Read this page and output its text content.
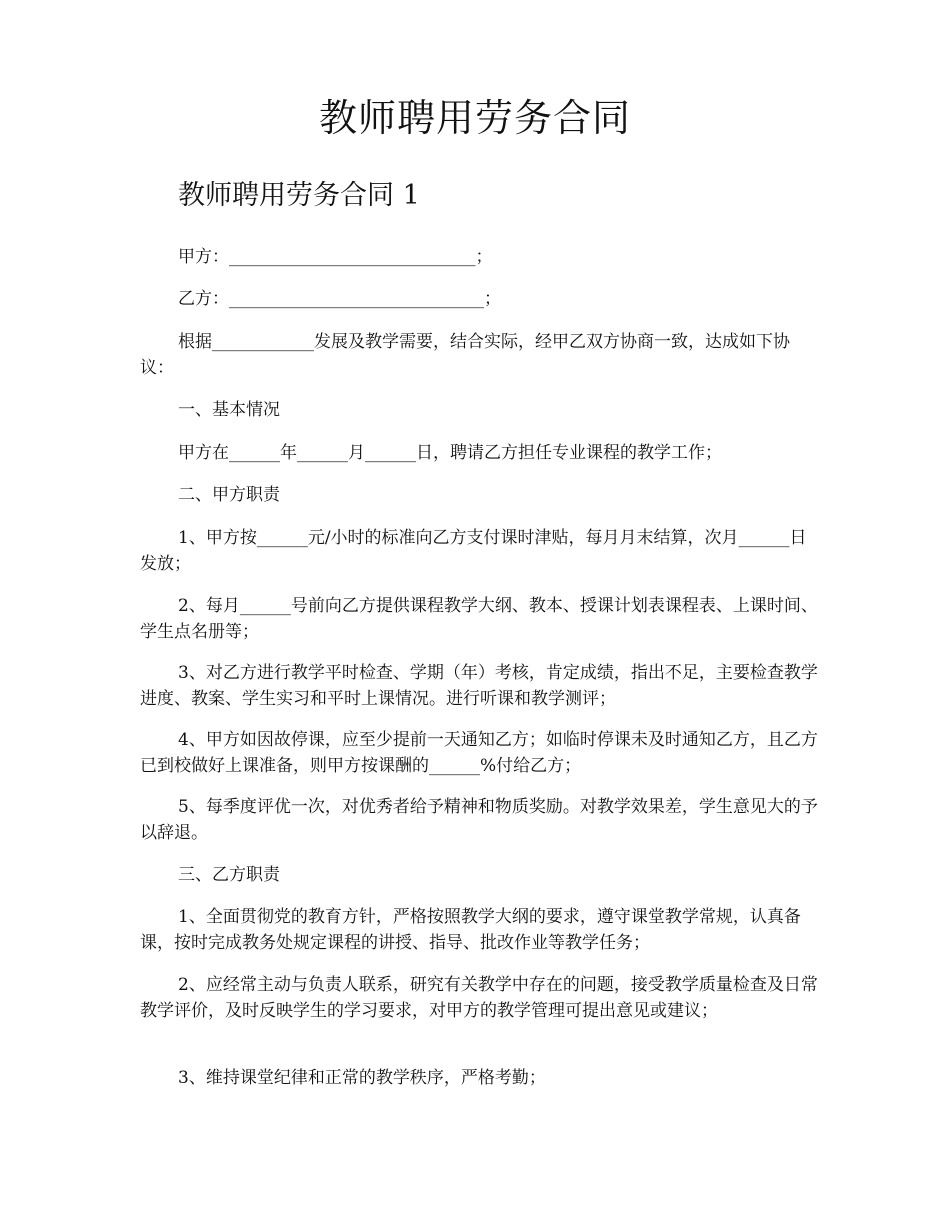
教师聘用劳务合同
教师聘用劳务合同 1
甲方：_____________________________；
乙方：______________________________；
根据____________发展及教学需要，结合实际，经甲乙双方协商一致，达成如下协议：
一、基本情况
甲方在______年______月______日，聘请乙方担任专业课程的教学工作；
二、甲方职责
1、甲方按______元/小时的标准向乙方支付课时津贴，每月月末结算，次月______日发放；
2、每月______号前向乙方提供课程教学大纲、教本、授课计划表课程表、上课时间、学生点名册等；
3、对乙方进行教学平时检查、学期（年）考核，肯定成绩，指出不足，主要检查教学进度、教案、学生实习和平时上课情况。进行听课和教学测评；
4、甲方如因故停课，应至少提前一天通知乙方；如临时停课未及时通知乙方，且乙方已到校做好上课准备，则甲方按课酬的______%付给乙方；
5、每季度评优一次，对优秀者给予精神和物质奖励。对教学效果差，学生意见大的予以辞退。
三、乙方职责
1、全面贯彻党的教育方针，严格按照教学大纲的要求，遵守课堂教学常规，认真备课，按时完成教务处规定课程的讲授、指导、批改作业等教学任务；
2、应经常主动与负责人联系，研究有关教学中存在的问题，接受教学质量检查及日常教学评价，及时反映学生的学习要求，对甲方的教学管理可提出意见或建议；
3、维持课堂纪律和正常的教学秩序，严格考勤；
